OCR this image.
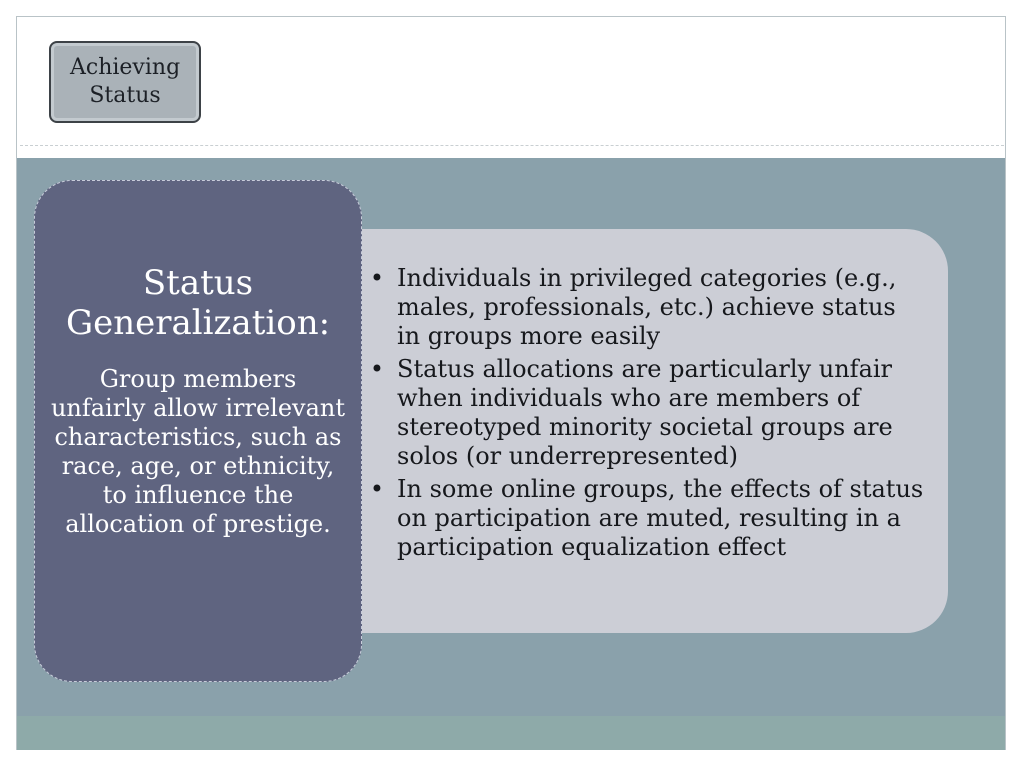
Achieving Status
• Individuals in privileged categories (e.g., males, professionals, etc.) achieve status in groups more easily
• Status allocations are particularly unfair when individuals who are members of stereotyped minority societal groups are solos (or underrepresented)
• In some online groups, the effects of status on participation are muted, resulting in a participation equalization effect
Status Generalization:
Group members unfairly allow irrelevant characteristics, such as race, age, or ethnicity, to influence the allocation of prestige.
